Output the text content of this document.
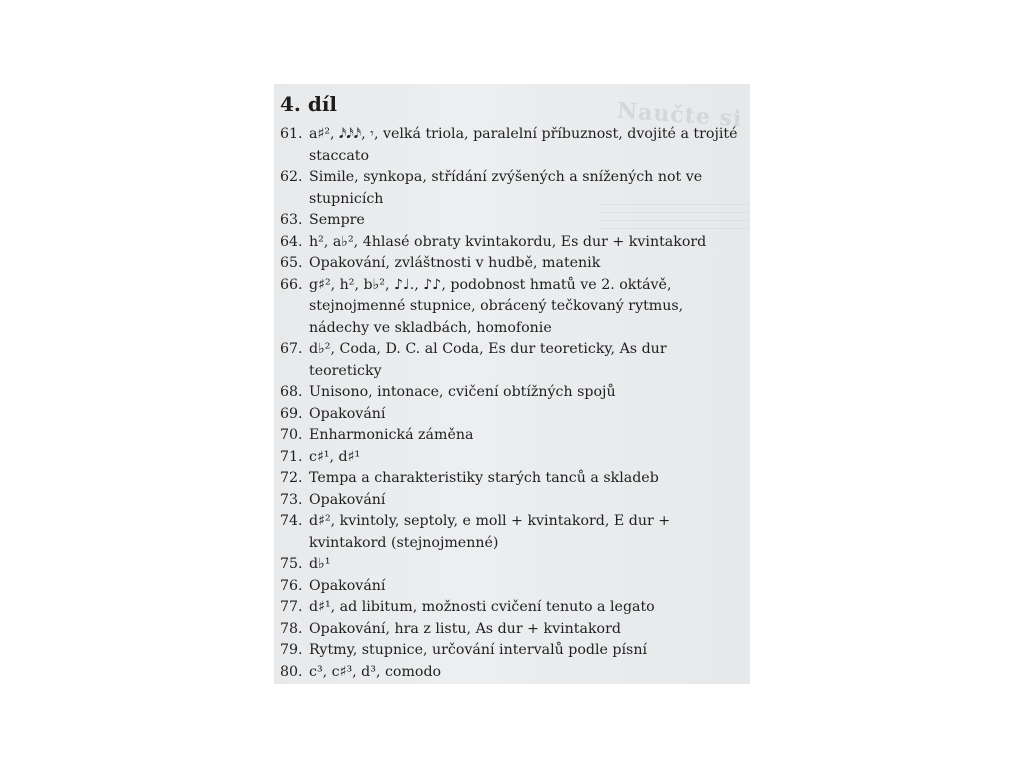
Naučte si
4. díl
61. a♯², 𝅘𝅥𝅯𝅘𝅥𝅯𝅘𝅥𝅯, 𝄾, velká triola, paralelní příbuznost, dvojité a trojité staccato
62. Simile, synkopa, střídání zvýšených a snížených not ve stupnicích
63. Sempre
64. h², a♭², 4hlasé obraty kvintakordu, Es dur + kvintakord
65. Opakování, zvláštnosti v hudbě, matenik
66. g♯², h², b♭², ♪♩., ♪♪, podobnost hmatů ve 2. oktávě, stejnojmenné stupnice, obrácený tečkovaný rytmus, nádechy ve skladbách, homofonie
67. d♭², Coda, D. C. al Coda, Es dur teoreticky, As dur teoreticky
68. Unisono, intonace, cvičení obtížných spojů
69. Opakování
70. Enharmonická záměna
71. c♯¹, d♯¹
72. Tempa a charakteristiky starých tanců a skladeb
73. Opakování
74. d♯², kvintoly, septoly, e moll + kvintakord, E dur + kvintakord (stejnojmenné)
75. d♭¹
76. Opakování
77. d♯¹, ad libitum, možnosti cvičení tenuto a legato
78. Opakování, hra z listu, As dur + kvintakord
79. Rytmy, stupnice, určování intervalů podle písní
80. c³, c♯³, d³, comodo
